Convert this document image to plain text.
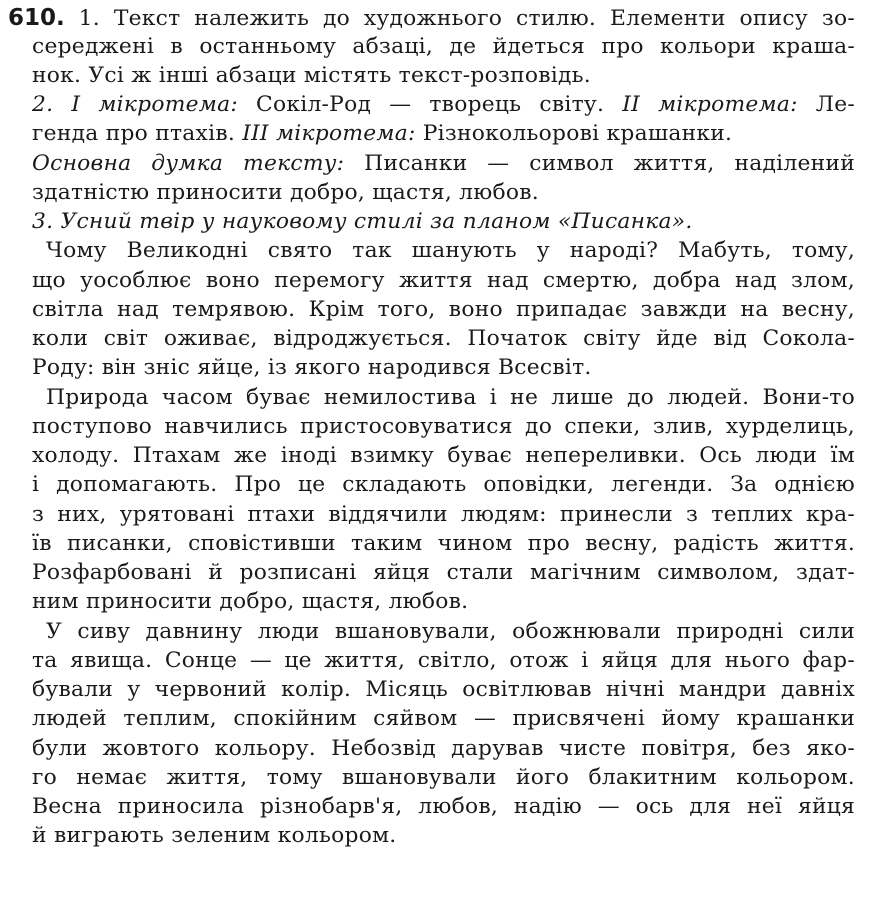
610. 1. Текст належить до художнього стилю. Елементи опису зо-
середжені в останньому абзаці, де йдеться про кольори крашa-
нок. Усі ж інші абзаци містять текст-розповідь.
2. І мікротема: Сокіл-Род — творець світу. ІІ мікротема: Ле-
генда про птахів. ІІІ мікротема: Різнокольорові крашанки.
Основна думка тексту: Писанки — символ життя, наділений
здатністю приносити добро, щастя, любов.
3. Усний твір у науковому стилі за планом «Писанка».
Чому Великодні свято так шанують у народі? Мабуть, тому,
що уособлює воно перемогу життя над смертю, добра над злом,
світла над темрявою. Крім того, воно припадає завжди на весну,
коли світ оживає, відроджується. Початок світу йде від Сокола-
Роду: він зніс яйце, із якого народився Всесвіт.
Природа часом буває немилостива і не лише до людей. Вони-то
поступово навчились пристосовуватися до спеки, злив, хурделиць,
холоду. Птахам же іноді взимку буває непереливки. Ось люди їм
і допомагають. Про це складають оповідки, легенди. За однією
з них, урятовані птахи віддячили людям: принесли з теплих кра-
їв писанки, сповістивши таким чином про весну, радість життя.
Розфарбовані й розписані яйця стали магічним символом, здат-
ним приносити добро, щастя, любов.
У сиву давнину люди вшановували, обожнювали природні сили
та явища. Сонце — це життя, світло, отож і яйця для нього фар-
бували у червоний колір. Місяць освітлював нічні мандри давніх
людей теплим, спокійним сяйвом — присвячені йому крашанки
були жовтого кольору. Небозвід дарував чисте повітря, без яко-
го немає життя, тому вшановували його блакитним кольором.
Весна приносила різнобарв'я, любов, надію — ось для неї яйця
й виграють зеленим кольором.
